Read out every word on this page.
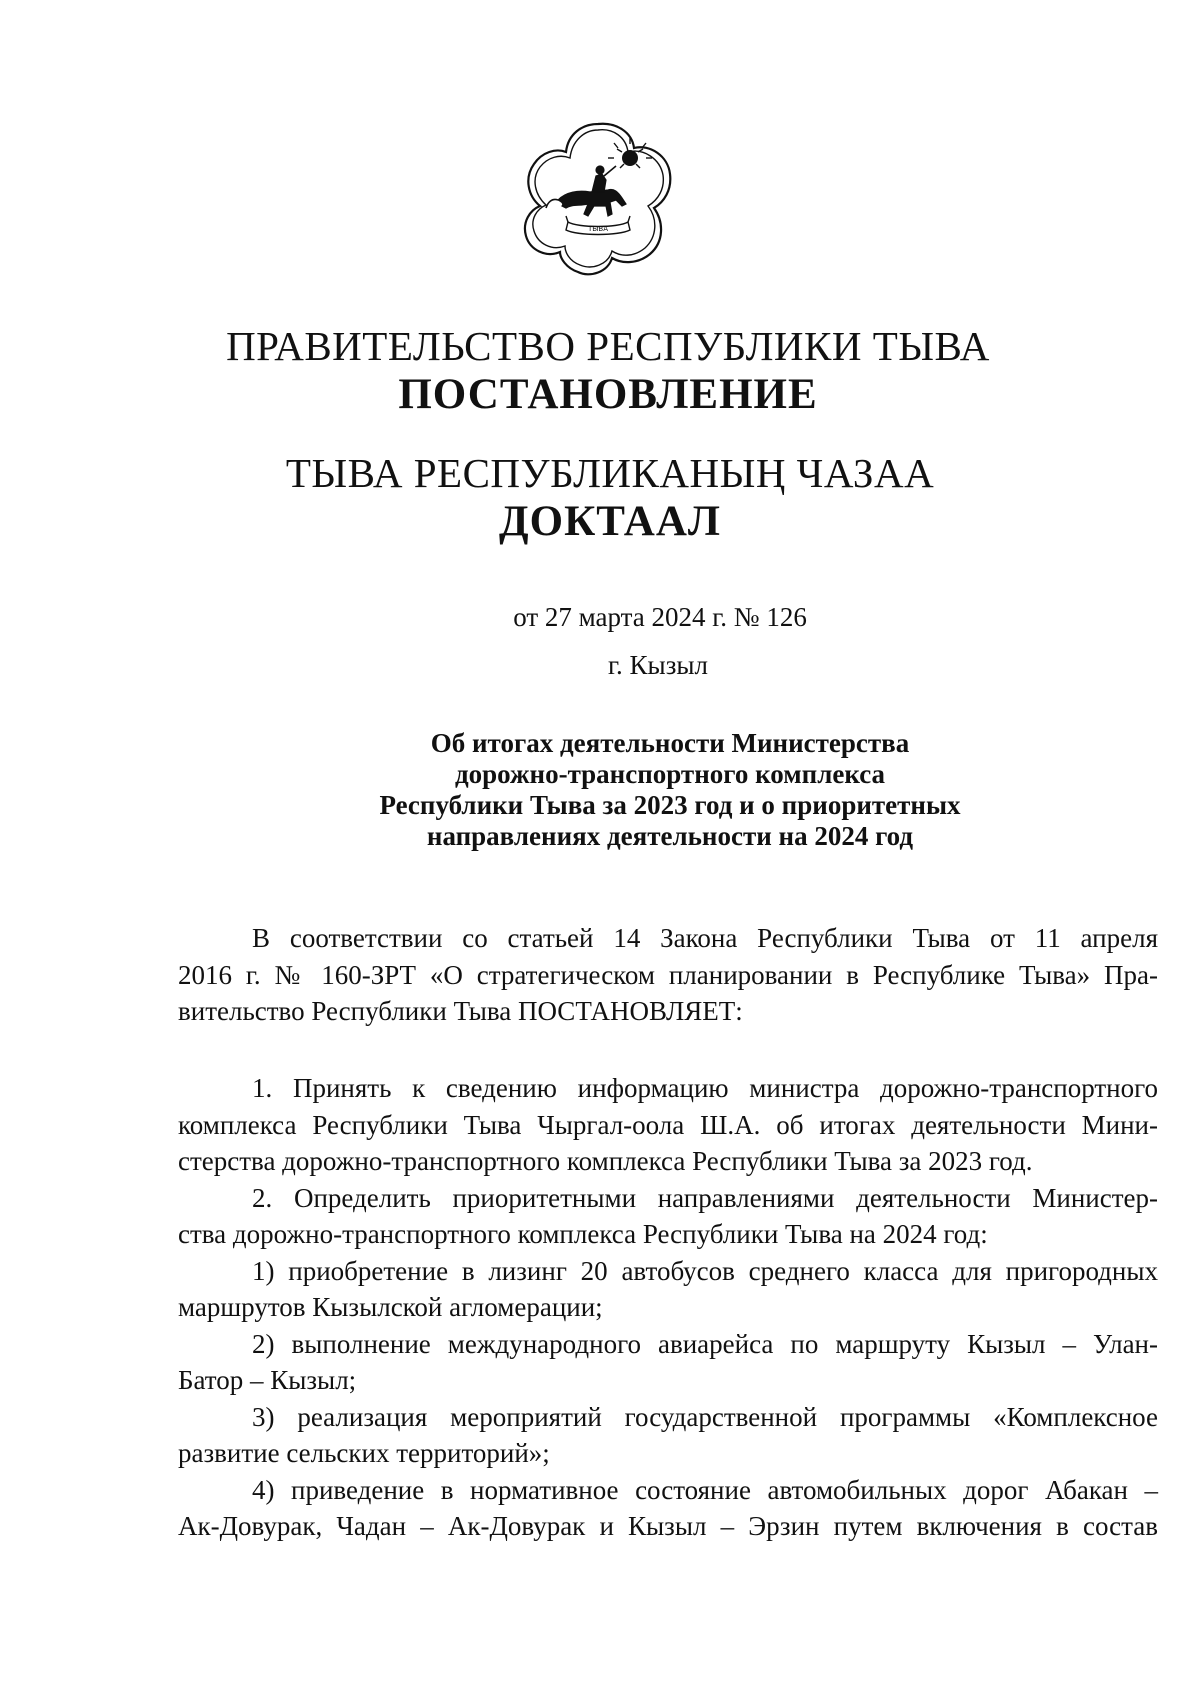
ТЫВА
ПРАВИТЕЛЬСТВО РЕСПУБЛИКИ ТЫВА
ПОСТАНОВЛЕНИЕ
ТЫВА РЕСПУБЛИКАНЫҢ ЧАЗАА
ДОКТААЛ
от 27 марта 2024 г. № 126
г. Кызыл
Об итогах деятельности Министерства
дорожно-транспортного комплекса
Республики Тыва за 2023 год и о приоритетных
направлениях деятельности на 2024 год
В соответствии со статьей 14 Закона Республики Тыва от 11 апреля
2016 г. № 160-ЗРТ «О стратегическом планировании в Республике Тыва» Пра-
вительство Республики Тыва ПОСТАНОВЛЯЕТ:
1. Принять к сведению информацию министра дорожно-транспортного
комплекса Республики Тыва Чыргал-оола Ш.А. об итогах деятельности Мини-
стерства дорожно-транспортного комплекса Республики Тыва за 2023 год.
2. Определить приоритетными направлениями деятельности Министер-
ства дорожно-транспортного комплекса Республики Тыва на 2024 год:
1) приобретение в лизинг 20 автобусов среднего класса для пригородных
маршрутов Кызылской агломерации;
2) выполнение международного авиарейса по маршруту Кызыл – Улан-
Батор – Кызыл;
3) реализация мероприятий государственной программы «Комплексное
развитие сельских территорий»;
4) приведение в нормативное состояние автомобильных дорог Абакан –
Ак-Довурак, Чадан – Ак-Довурак и Кызыл – Эрзин путем включения в состав
